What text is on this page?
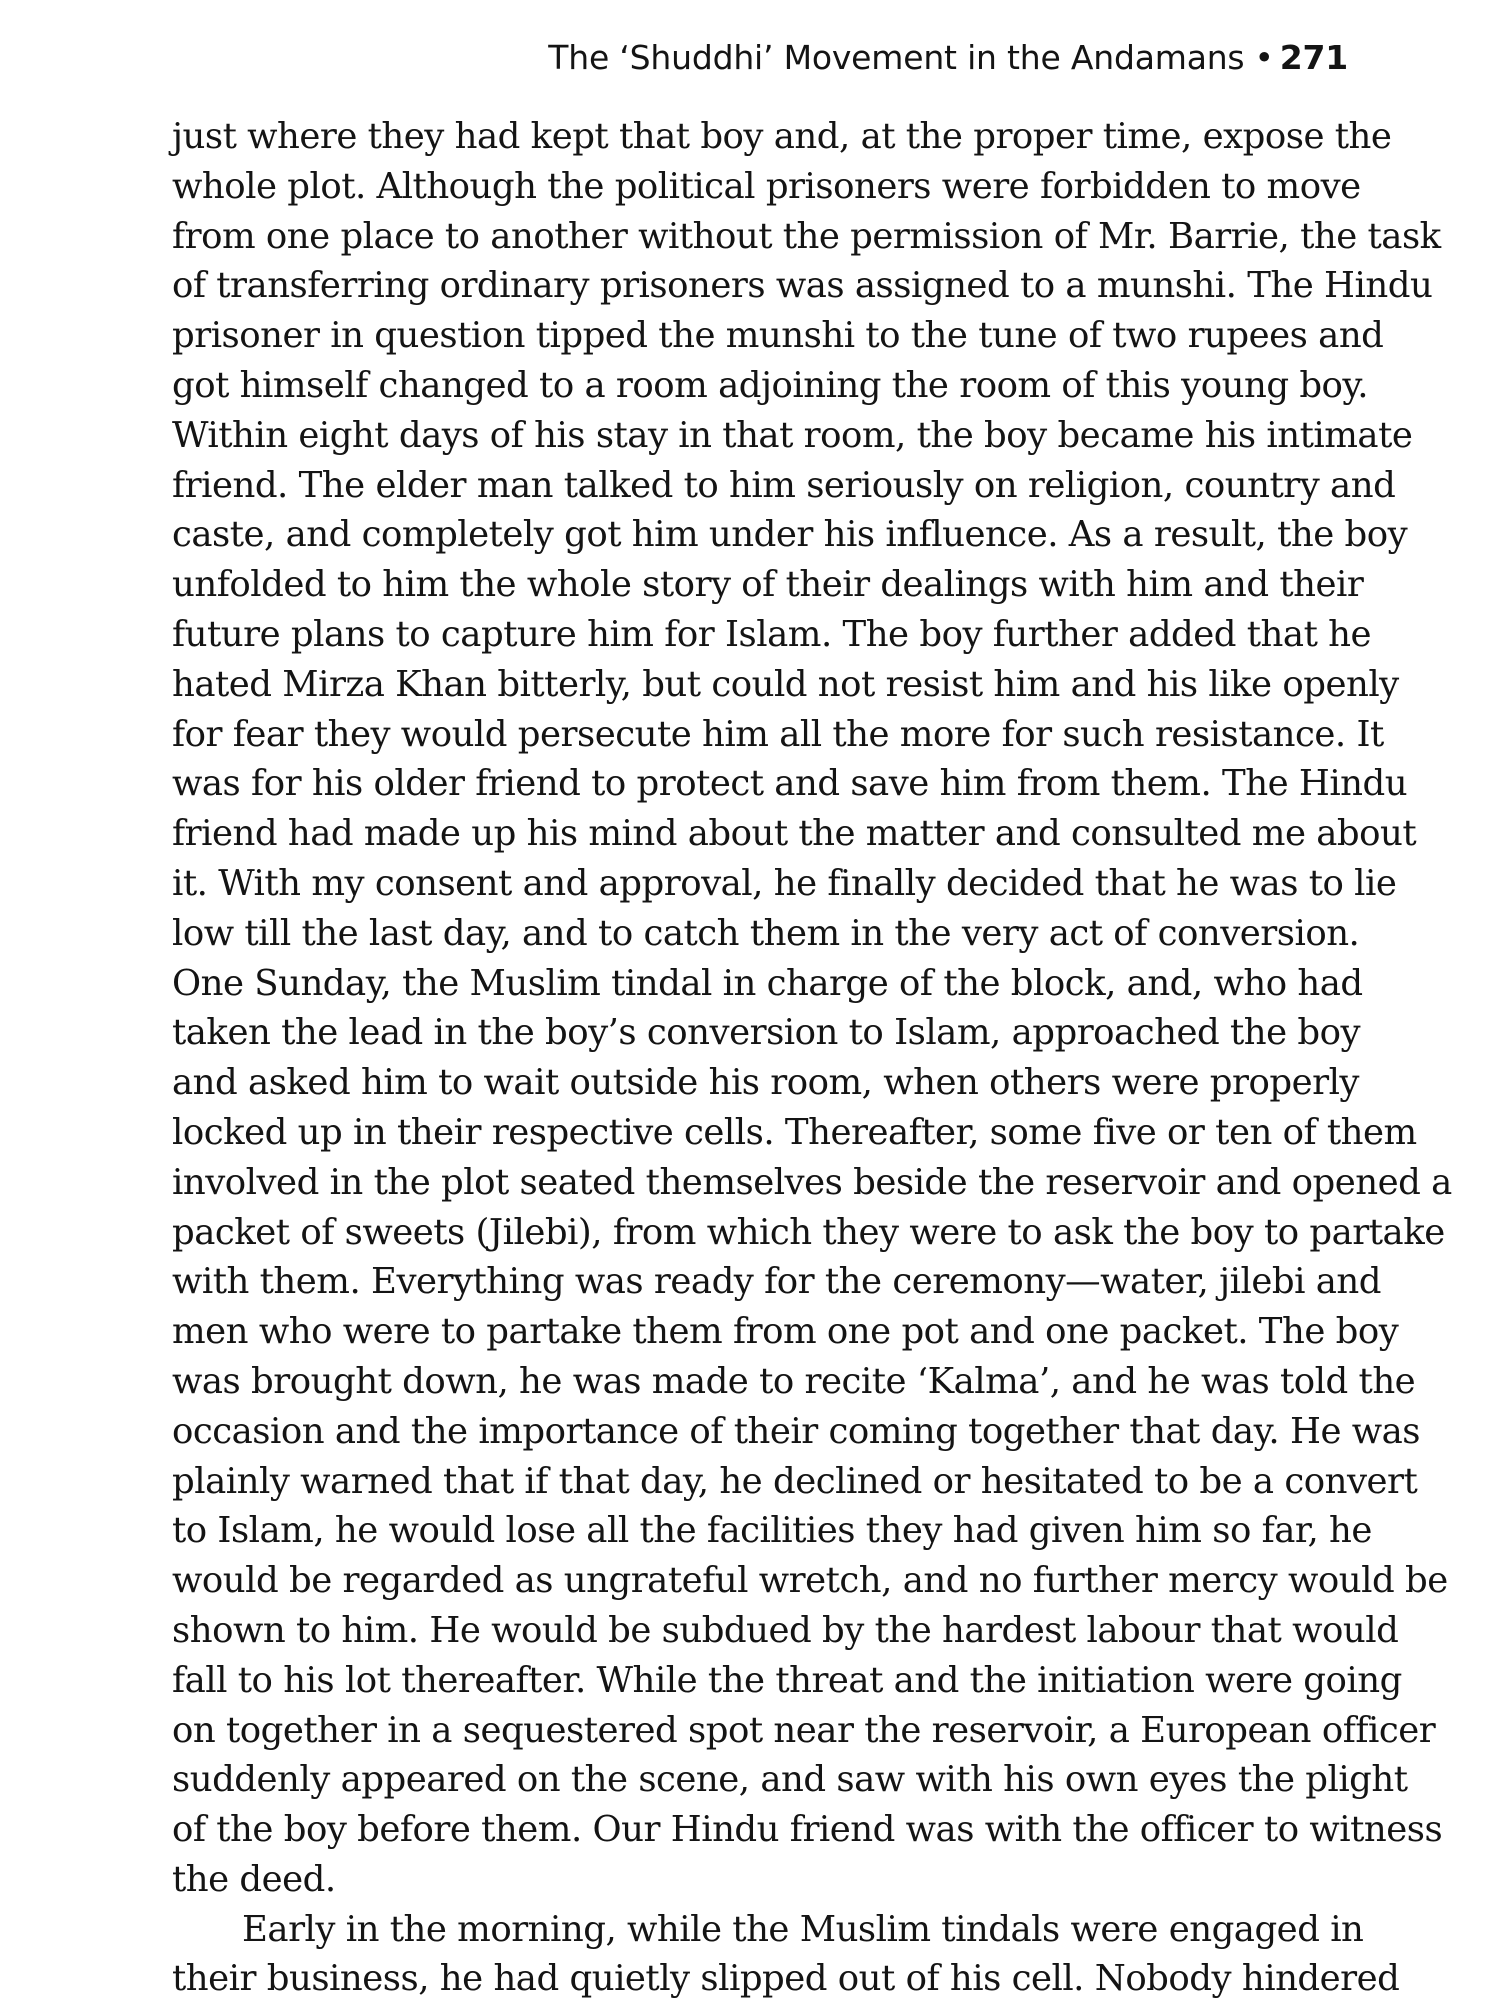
The ‘Shuddhi’ Movement in the Andamans • 271
just where they had kept that boy and, at the proper time, expose the
whole plot. Although the political prisoners were forbidden to move
from one place to another without the permission of Mr. Barrie, the task
of transferring ordinary prisoners was assigned to a munshi. The Hindu
prisoner in question tipped the munshi to the tune of two rupees and
got himself changed to a room adjoining the room of this young boy.
Within eight days of his stay in that room, the boy became his intimate
friend. The elder man talked to him seriously on religion, country and
caste, and completely got him under his influence. As a result, the boy
unfolded to him the whole story of their dealings with him and their
future plans to capture him for Islam. The boy further added that he
hated Mirza Khan bitterly, but could not resist him and his like openly
for fear they would persecute him all the more for such resistance. It
was for his older friend to protect and save him from them. The Hindu
friend had made up his mind about the matter and consulted me about
it. With my consent and approval, he finally decided that he was to lie
low till the last day, and to catch them in the very act of conversion.
One Sunday, the Muslim tindal in charge of the block, and, who had
taken the lead in the boy’s conversion to Islam, approached the boy
and asked him to wait outside his room, when others were properly
locked up in their respective cells. Thereafter, some five or ten of them
involved in the plot seated themselves beside the reservoir and opened a
packet of sweets (Jilebi), from which they were to ask the boy to partake
with them. Everything was ready for the ceremony—water, jilebi and
men who were to partake them from one pot and one packet. The boy
was brought down, he was made to recite ‘Kalma’, and he was told the
occasion and the importance of their coming together that day. He was
plainly warned that if that day, he declined or hesitated to be a convert
to Islam, he would lose all the facilities they had given him so far, he
would be regarded as ungrateful wretch, and no further mercy would be
shown to him. He would be subdued by the hardest labour that would
fall to his lot thereafter. While the threat and the initiation were going
on together in a sequestered spot near the reservoir, a European officer
suddenly appeared on the scene, and saw with his own eyes the plight
of the boy before them. Our Hindu friend was with the officer to witness
the deed.
Early in the morning, while the Muslim tindals were engaged in
their business, he had quietly slipped out of his cell. Nobody hindered
